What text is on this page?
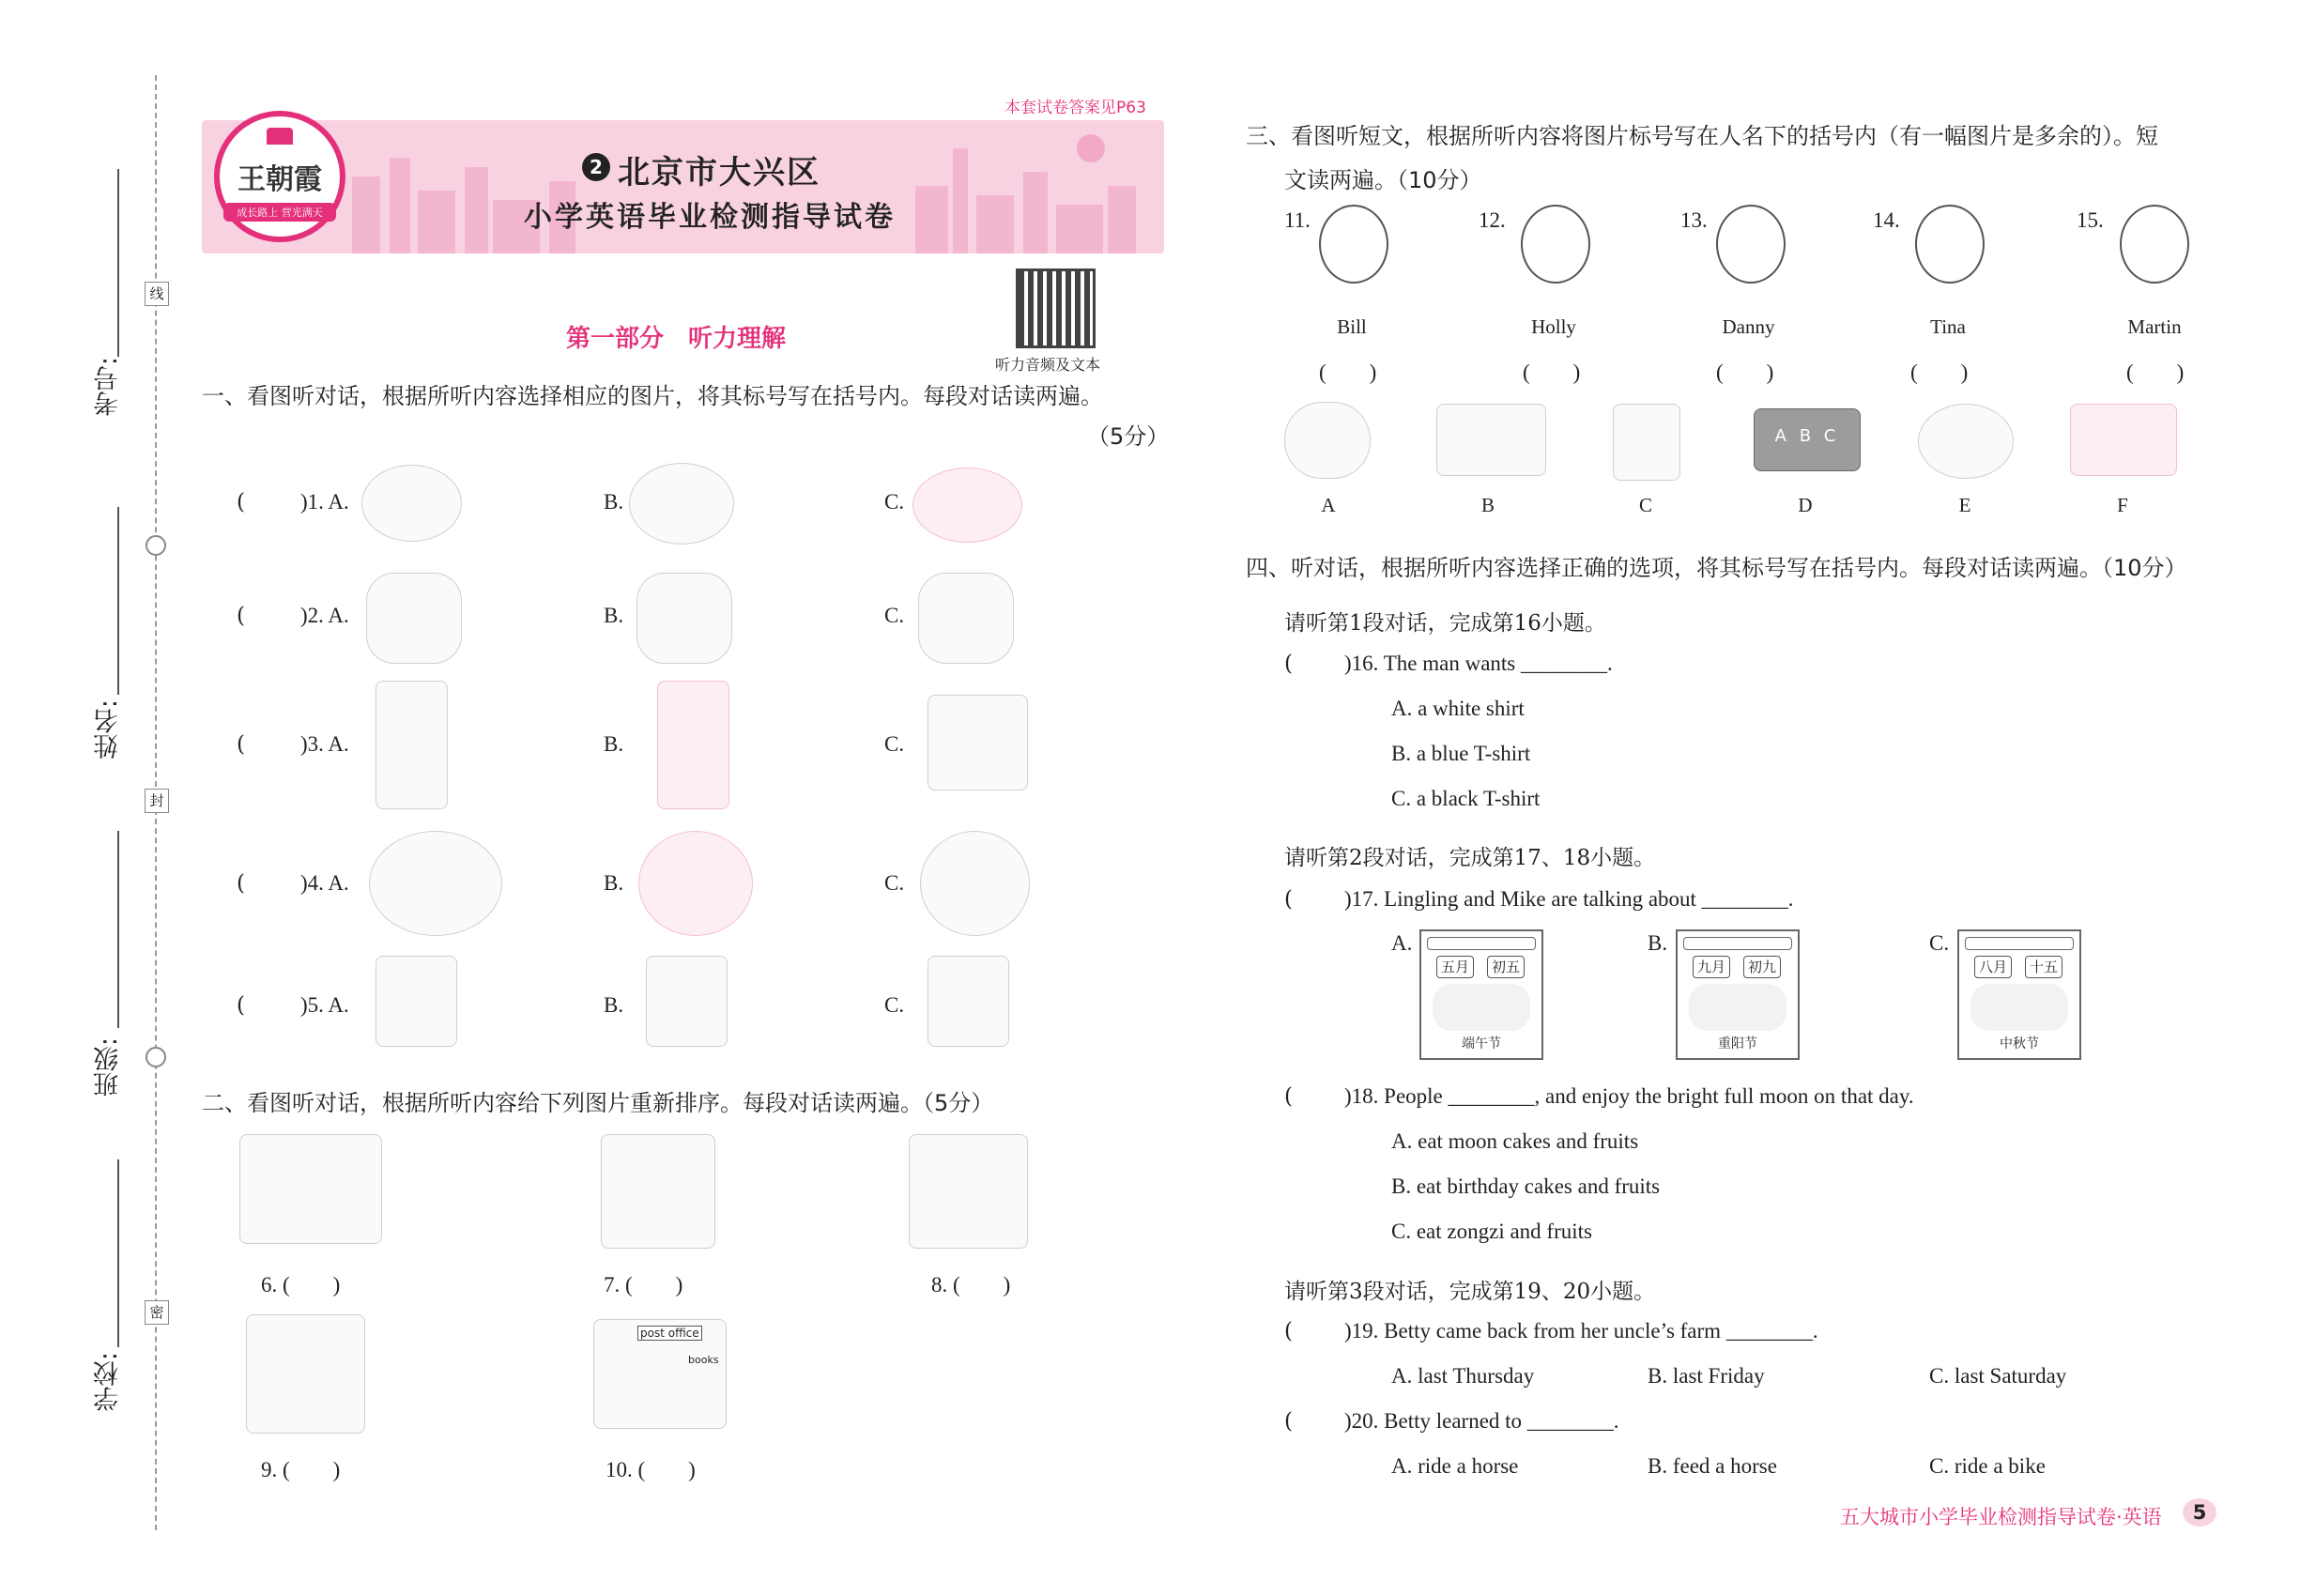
线
封
密
考号:
姓名:
班级:
学校:
本套试卷答案见P63
王朝霞
成长路上 营光满天
2 北京市大兴区
小学英语毕业检测指导试卷
听力音频及文本
第一部分　听力理解
一、看图听对话，根据所听内容选择相应的图片，将其标号写在括号内。每段对话读两遍。
（5分）
(	)1. A.	B.	C.
(	)2. A.	B.	C.
(	)3. A.	B.	C.
(	)4. A.	B.	C.
(	)5. A.	B.	C.
二、看图听对话，根据所听内容给下列图片重新排序。每段对话读两遍。（5分）
6. (　　)	7. (　　)	8. (　　)
post office
books
9. (　　)	10. (　　)
三、看图听短文，根据所听内容将图片标号写在人名下的括号内（有一幅图片是多余的）。短
文读两遍。（10分）
11.
Bill
(　　)
12.
Holly
(　　)
13.
Danny
(　　)
14.
Tina
(　　)
15.
Martin
(　　)
A B C
A	B	C	D	E	F
四、听对话，根据所听内容选择正确的选项，将其标号写在括号内。每段对话读两遍。（10分）
请听第1段对话，完成第16小题。
( )16. The man wants ________.
A. a white shirt
B. a blue T-shirt
C. a black T-shirt
请听第2段对话，完成第17、18小题。
( )17. Lingling and Mike are talking about ________.
A.
五月	初五
端午节
B.
九月	初九
重阳节
C.
八月	十五
中秋节
( )18. People ________, and enjoy the bright full moon on that day.
A. eat moon cakes and fruits
B. eat birthday cakes and fruits
C. eat zongzi and fruits
请听第3段对话，完成第19、20小题。
( )19. Betty came back from her uncle’s farm ________.
A. last Thursday	B. last Friday	C. last Saturday
( )20. Betty learned to ________.
A. ride a horse	B. feed a horse	C. ride a bike
五大城市小学毕业检测指导试卷·英语	5
